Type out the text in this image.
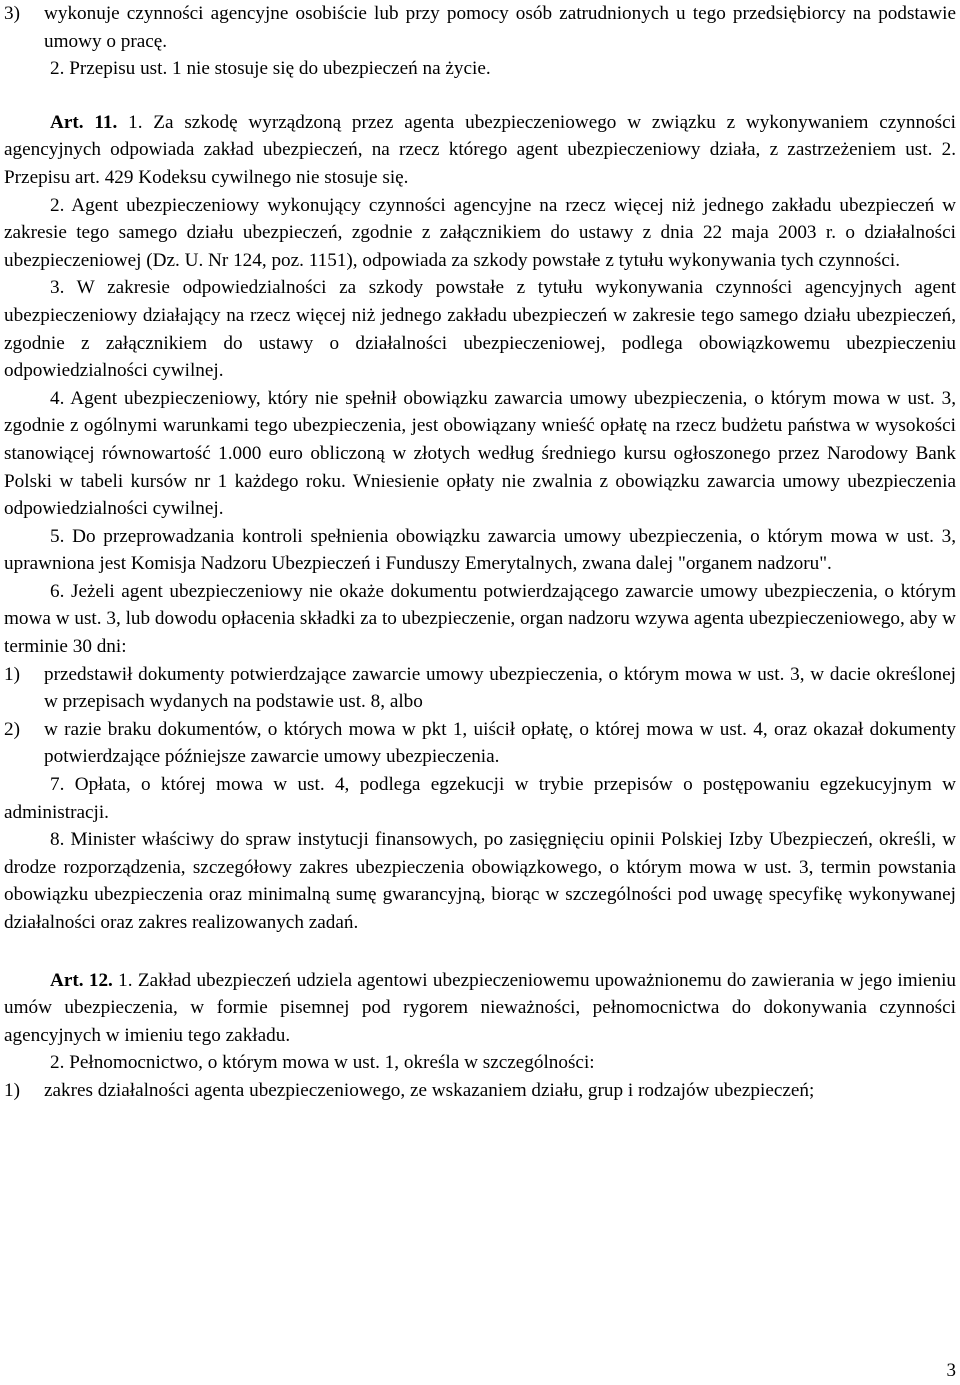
3) wykonuje czynności agencyjne osobiście lub przy pomocy osób zatrudnionych u tego przedsiębiorcy na podstawie umowy o pracę.

2. Przepisu ust. 1 nie stosuje się do ubezpieczeń na życie.

Art. 11. 1. Za szkodę wyrządzoną przez agenta ubezpieczeniowego w związku z wykonywaniem czynności agencyjnych odpowiada zakład ubezpieczeń, na rzecz którego agent ubezpieczeniowy działa, z zastrzeżeniem ust. 2. Przepisu art. 429 Kodeksu cywilnego nie stosuje się.

2. Agent ubezpieczeniowy wykonujący czynności agencyjne na rzecz więcej niż jednego zakładu ubezpieczeń w zakresie tego samego działu ubezpieczeń, zgodnie z załącznikiem do ustawy z dnia 22 maja 2003 r. o działalności ubezpieczeniowej (Dz. U. Nr 124, poz. 1151), odpowiada za szkody powstałe z tytułu wykonywania tych czynności.

3. W zakresie odpowiedzialności za szkody powstałe z tytułu wykonywania czynności agencyjnych agent ubezpieczeniowy działający na rzecz więcej niż jednego zakładu ubezpieczeń w zakresie tego samego działu ubezpieczeń, zgodnie z załącznikiem do ustawy o działalności ubezpieczeniowej, podlega obowiązkowemu ubezpieczeniu odpowiedzialności cywilnej.

4. Agent ubezpieczeniowy, który nie spełnił obowiązku zawarcia umowy ubezpieczenia, o którym mowa w ust. 3, zgodnie z ogólnymi warunkami tego ubezpieczenia, jest obowiązany wnieść opłatę na rzecz budżetu państwa w wysokości stanowiącej równowartość 1.000 euro obliczoną w złotych według średniego kursu ogłoszonego przez Narodowy Bank Polski w tabeli kursów nr 1 każdego roku. Wniesienie opłaty nie zwalnia z obowiązku zawarcia umowy ubezpieczenia odpowiedzialności cywilnej.

5. Do przeprowadzania kontroli spełnienia obowiązku zawarcia umowy ubezpieczenia, o którym mowa w ust. 3, uprawniona jest Komisja Nadzoru Ubezpieczeń i Funduszy Emerytalnych, zwana dalej "organem nadzoru".

6. Jeżeli agent ubezpieczeniowy nie okaże dokumentu potwierdzającego zawarcie umowy ubezpieczenia, o którym mowa w ust. 3, lub dowodu opłacenia składki za to ubezpieczenie, organ nadzoru wzywa agenta ubezpieczeniowego, aby w terminie 30 dni:

1) przedstawił dokumenty potwierdzające zawarcie umowy ubezpieczenia, o którym mowa w ust. 3, w dacie określonej w przepisach wydanych na podstawie ust. 8, albo
2) w razie braku dokumentów, o których mowa w pkt 1, uiścił opłatę, o której mowa w ust. 4, oraz okazał dokumenty potwierdzające późniejsze zawarcie umowy ubezpieczenia.

7. Opłata, o której mowa w ust. 4, podlega egzekucji w trybie przepisów o postępowaniu egzekucyjnym w administracji.

8. Minister właściwy do spraw instytucji finansowych, po zasięgnięciu opinii Polskiej Izby Ubezpieczeń, określi, w drodze rozporządzenia, szczegółowy zakres ubezpieczenia obowiązkowego, o którym mowa w ust. 3, termin powstania obowiązku ubezpieczenia oraz minimalną sumę gwarancyjną, biorąc w szczególności pod uwagę specyfikę wykonywanej działalności oraz zakres realizowanych zadań.

Art. 12. 1. Zakład ubezpieczeń udziela agentowi ubezpieczeniowemu upoważnionemu do zawierania w jego imieniu umów ubezpieczenia, w formie pisemnej pod rygorem nieważności, pełnomocnictwa do dokonywania czynności agencyjnych w imieniu tego zakładu.

2. Pełnomocnictwo, o którym mowa w ust. 1, określa w szczególności:

1) zakres działalności agenta ubezpieczeniowego, ze wskazaniem działu, grup i rodzajów ubezpieczeń;
3
